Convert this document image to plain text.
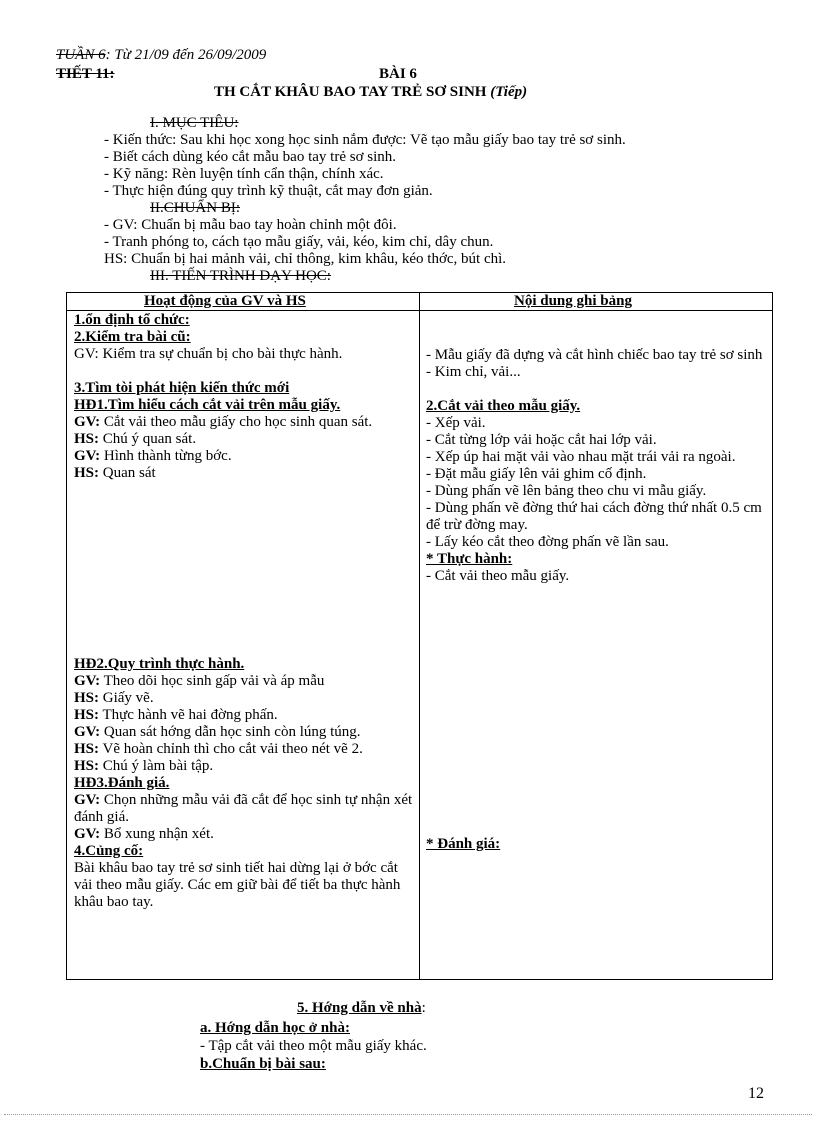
TUẦN 6: Từ 21/09 đến 26/09/2009
TIẾT 11:	BÀI 6
TH CẮT KHÂU BAO TAY TRẺ SƠ SINH (Tiếp)
I. MỤC TIÊU:
- Kiến thức: Sau khi học xong học sinh nắm được: Vẽ tạo mẫu giấy bao tay trẻ sơ sinh.
- Biết cách dùng kéo cắt mẫu bao tay trẻ sơ sinh.
- Kỹ năng: Rèn luyện tính cẩn thận, chính xác.
- Thực hiện đúng quy trình kỹ thuật, cắt may đơn giản.
II.CHUẨN BỊ:
- GV: Chuẩn bị mẫu bao tay hoàn chỉnh một đôi.
- Tranh phóng to, cách tạo mẫu giấy, vải, kéo, kim chỉ, dây chun.
HS: Chuẩn bị hai mảnh vải, chỉ thông, kim khâu, kéo thớc, bút chì.
III. TIẾN TRÌNH DẠY HỌC:
Hoạt động của GV và HS	Nội dung ghi bảng
1.ổn định tổ chức:
2.Kiểm tra bài cũ:
GV: Kiểm tra sự chuẩn bị cho bài thực hành.
3.Tìm tòi phát hiện kiến thức mới
HĐ1.Tìm hiểu cách cắt vải trên mẫu giấy.
GV: Cắt vải theo mẫu giấy cho học sinh quan sát.
HS: Chú ý quan sát.
GV: Hình thành từng bớc.
HS: Quan sát
HĐ2.Quy trình thực hành.
GV: Theo dõi học sinh gấp vải và áp mẫu
HS: Giấy vẽ.
HS: Thực hành vẽ hai đờng phấn.
GV: Quan sát hớng dẫn học sinh còn lúng túng.
HS: Vẽ hoàn chỉnh thì cho cắt vải theo nét vẽ 2.
HS: Chú ý làm bài tập.
HĐ3.Đánh giá.
GV: Chọn những mẫu vải đã cắt để học sinh tự nhận xét đánh giá.
GV: Bổ xung nhận xét.
4.Củng cố:
Bài khâu bao tay trẻ sơ sinh tiết hai dừng lại ở bớc cắt vải theo mẫu giấy. Các em giữ bài để tiết ba thực hành khâu bao tay.
- Mẫu giấy đã dựng và cắt hình chiếc bao tay trẻ sơ sinh
- Kim chỉ, vải...
2.Cắt vải theo mẫu giấy.
- Xếp vải.
- Cắt từng lớp vải hoặc cắt hai lớp vải.
- Xếp úp hai mặt vải vào nhau mặt trái vải ra ngoài.
- Đặt mẫu giấy lên vải ghim cố định.
- Dùng phấn vẽ lên bảng theo chu vi mẫu giấy.
- Dùng phấn vẽ đờng thứ hai cách đờng thứ nhất 0.5 cm để trừ đờng may.
- Lấy kéo cắt theo đờng phấn vẽ lần sau.
* Thực hành:
- Cắt vải theo mẫu giấy.
* Đánh giá:
5. Hớng dẫn về nhà:
a. Hớng dẫn học ở nhà:
- Tập cắt vải theo một mẫu giấy khác.
b.Chuẩn bị bài sau:
12
